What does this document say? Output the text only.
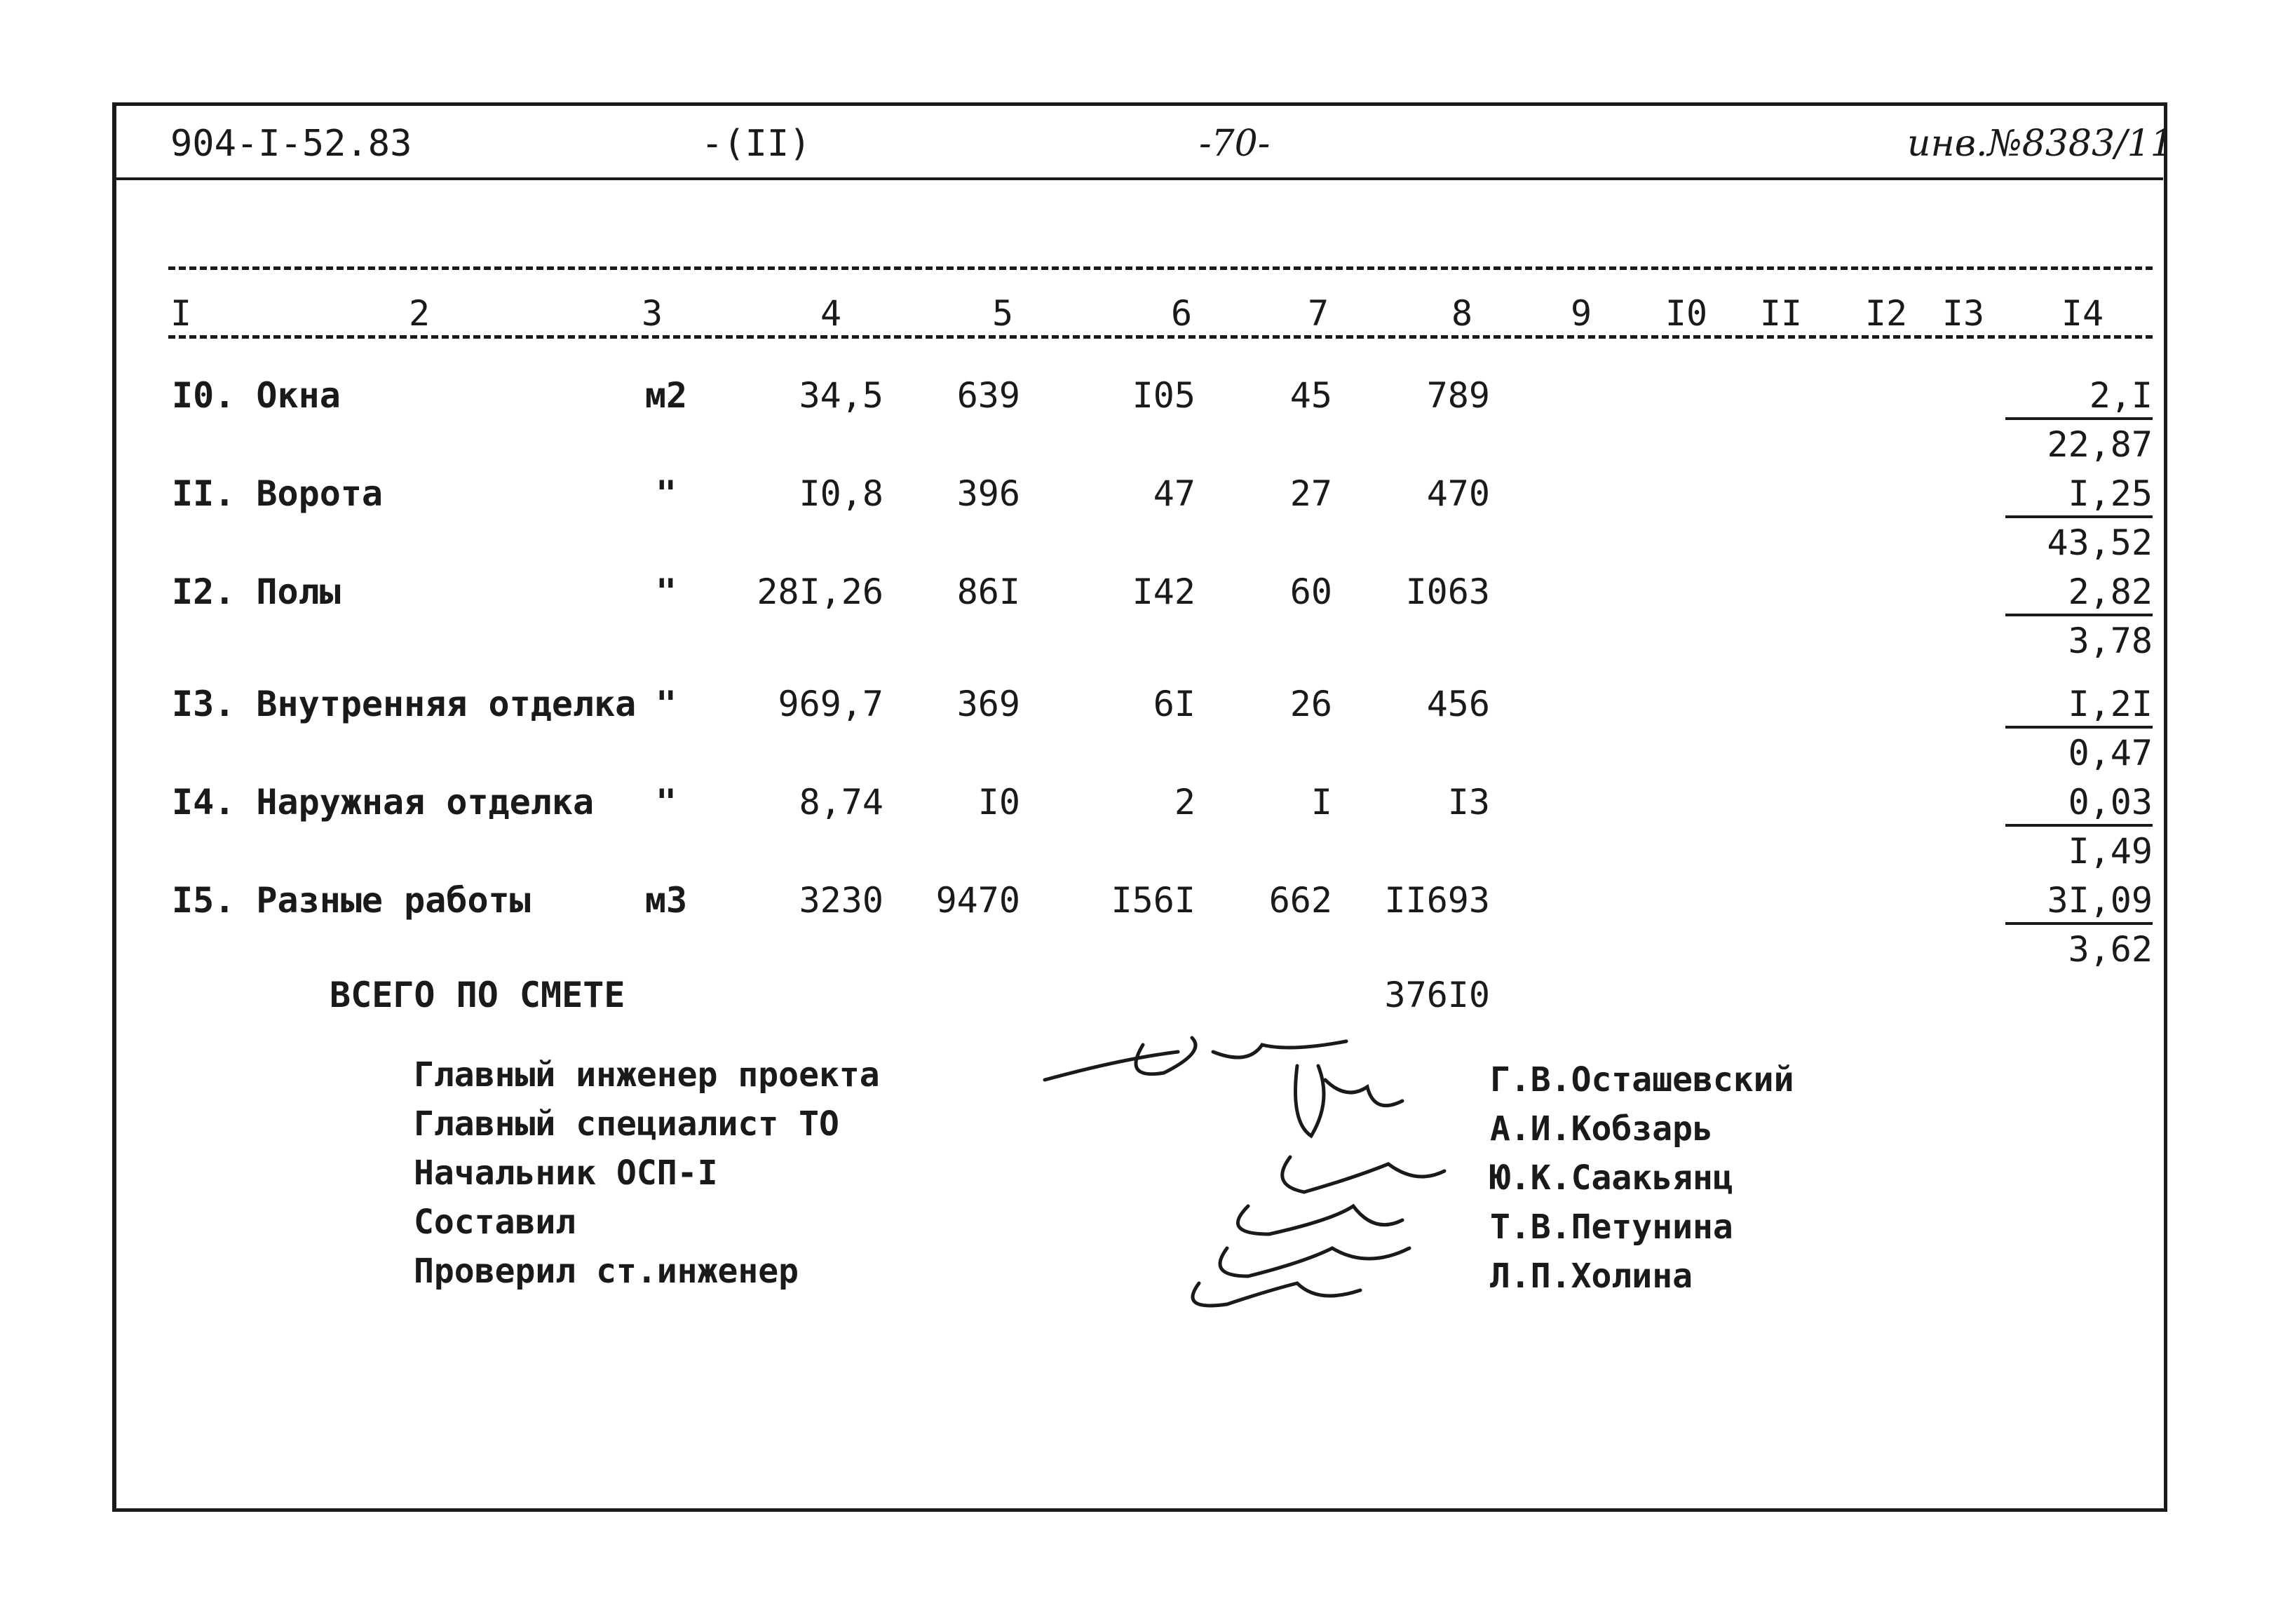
904-I-52.83	-(II)	-70-	инв.№8383/11
I	2	3	4	5	6	7	8	9 I0 II I2 I3 I4
I0. Окна	м2	34,5	639	I05	45	789	$\frac{2,I}{22,87}$
II. Ворота	"	I0,8	396	47	27	470	$\frac{I,25}{43,52}$
I2. Полы	"	28I,26	86I	I42	60	I063	$\frac{2,82}{3,78}$
I3. Внутренняя отделка "	969,7	369	6I	26	456	$\frac{I,2I}{0,47}$
I4. Наружная отделка	"	8,74	I0	2	I	I3	$\frac{0,03}{I,49}$
I5. Разные работы	м3	3230	9470	I56I	662	II693	$\frac{3I,09}{3,62}$
ВСЕГО ПО СМЕТЕ	376I0
Главный инженер проекта
Главный специалист ТО
Начальник ОСП-I
Составил
Проверил ст.инженер
Г.В.Осташевский
А.И.Кобзарь
Ю.К.Саакьянц
Т.В.Петунина
Л.П.Холина
